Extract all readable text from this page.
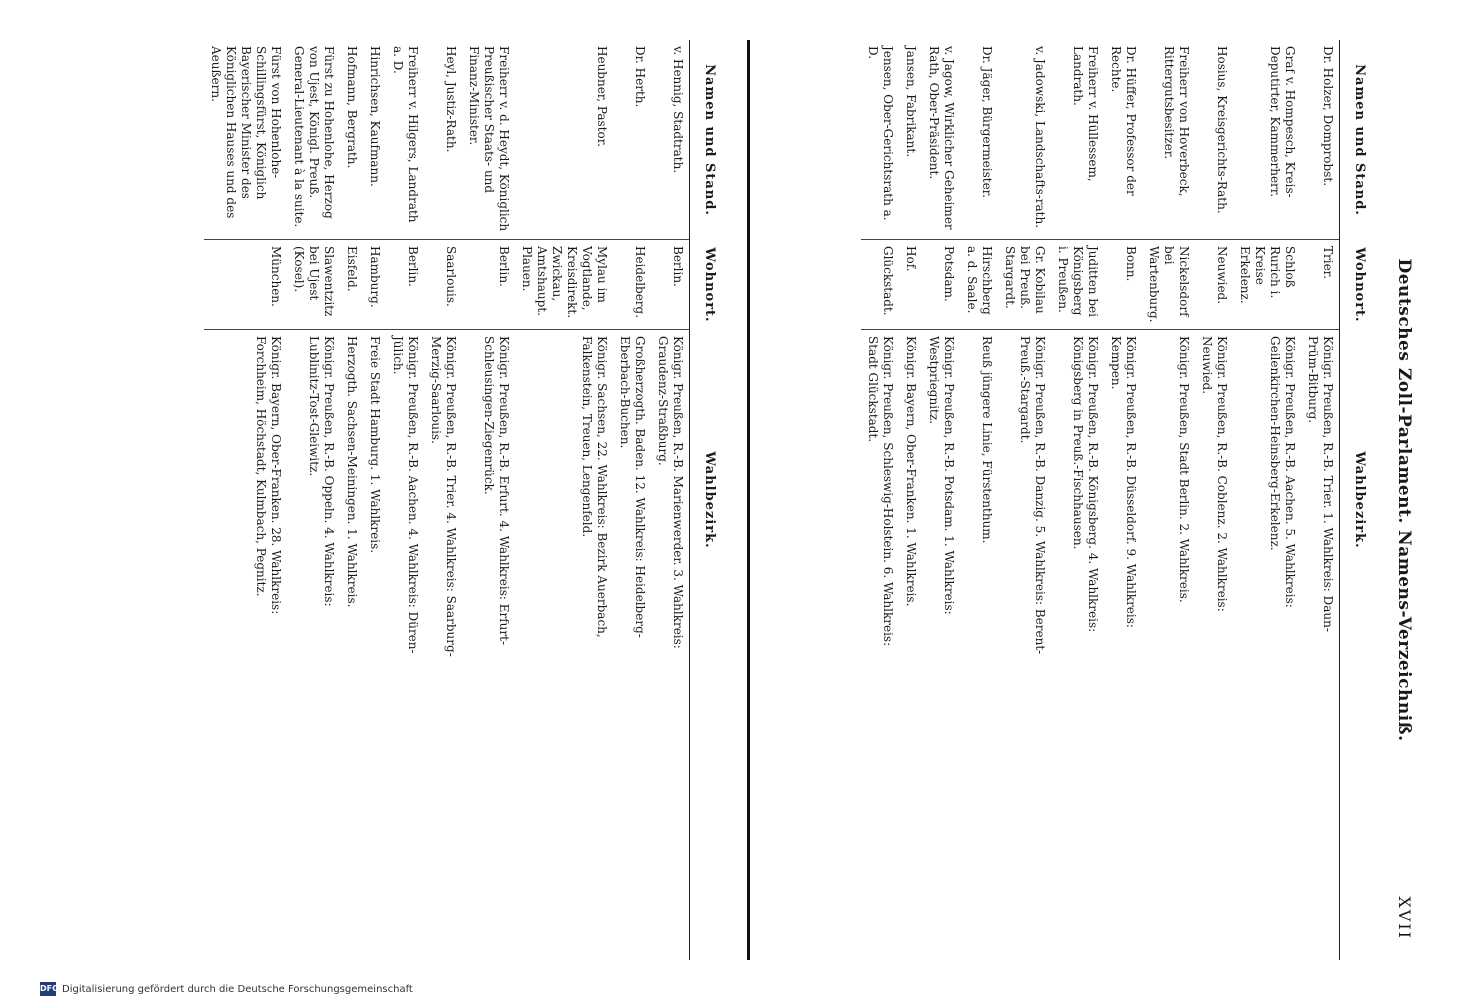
Deutsches Zoll-Parlament. Namens-Verzeichniß.
XVII
Namen und Stand.
Wohnort.
Wahlbezirk.
Dr. Holzer, Domprobst.
Trier.
Königr. Preußen, R.-B. Trier. 1. Wahlkreis: Daun-Prüm-Bitburg.
Graf v. Hompesch, Kreis-Deputirter, Kammerherr.
Schloß Rurich i. Kreise Erkelenz.
Königr. Preußen, R.-B. Aachen. 5. Wahlkreis: Geilenkirchen-Heinsberg-Erkelenz.
Hosius, Kreisgerichts-Rath.
Neuwied.
Königr. Preußen, R.-B. Coblenz. 2. Wahlkreis: Neuwied.
Freiherr von Hoverbeck, Rittergutsbesitzer.
Nickelsdorf bei Wartenburg.
Königr. Preußen, Stadt Berlin. 2. Wahlkreis.
Dr. Hüffer, Professor der Rechte.
Bonn.
Königr. Preußen, R.-B. Düsseldorf. 9. Wahlkreis: Kempen.
Freiherr v. Hüllessem, Landrath.
Juditten bei Königsberg i. Preußen.
Königr. Preußen, R.-B. Königsberg. 4. Wahlkreis: Königsberg in Preuß.-Fischhausen.
v. Jadowski, Landschafts-rath.
Gr. Kobilau bei Preuß. Stargardt.
Königr. Preußen, R.-B. Danzig. 5. Wahlkreis: Berent-Preuß.-Stargardt.
Dr. Jäger, Bürgermeister.
Hirschberg a. d. Saale.
Reuß jüngere Linie, Fürstenthum.
v. Jagow, Wirklicher Geheimer Rath, Ober-Präsident.
Potsdam.
Königr. Preußen, R.-B. Potsdam. 1. Wahlkreis: Westpriegnitz.
Jansen, Fabrikant.
Hof.
Königr. Bayern, Ober-Franken. 1. Wahlkreis.
Jensen, Ober-Gerichtsrath a. D.
Glückstadt.
Königr. Preußen, Schleswig-Holstein. 6. Wahlkreis: Stadt Glückstadt.
Namen und Stand.
Wohnort.
Wahlbezirk.
v. Hennig, Stadtrath.
Berlin.
Königr. Preußen, R.-B. Marienwerder. 3. Wahlkreis: Graudenz-Straßburg.
Dr. Herth.
Heidelberg.
Großherzogth. Baden. 12. Wahlkreis: Heidelberg-Eberbach-Buchen.
Heubner, Pastor.
Mylau im Vogtlande, Kreisdirekt. Zwickau, Amtshaupt. Plauen.
Königr. Sachsen, 22. Wahlkreis: Bezirk Auerbach, Falkenstein, Treuen, Lengenfeld.
Freiherr v. d. Heydt, Königlich Preußischer Staats- und Finanz-Minister.
Berlin.
Königr. Preußen, R.-B. Erfurt. 4. Wahlkreis: Erfurt-Schleusingen-Ziegenrück.
Heyl, Justiz-Rath.
Saarlouis.
Königr. Preußen, R.-B. Trier. 4. Wahlkreis: Saarburg-Merzig-Saarlouis.
Freiherr v. Hilgers, Landrath a. D.
Berlin.
Königr. Preußen, R.-B. Aachen. 4. Wahlkreis: Düren-Jülich.
Hinrichsen, Kaufmann.
Hamburg.
Freie Stadt Hamburg. 1. Wahlkreis.
Hofmann, Bergrath.
Eisfeld.
Herzogth. Sachsen-Meiningen. 1. Wahlkreis.
Fürst zu Hohenlohe, Herzog von Ujest, Königl. Preuß. General-Lieutenant à la suite.
Slawentzitz bei Ujest (Kosel).
Königr. Preußen, R.-B. Oppeln. 4. Wahlkreis: Lublinitz-Tost-Gleiwitz.
Fürst von Hohenlohe-Schillingsfürst, Königlich Bayerischer Minister des Königlichen Hauses und des Aeußern.
München.
Königr. Bayern, Ober-Franken. 28. Wahlkreis: Forchheim, Höchstadt, Kulmbach, Pegnitz.
DFG Digitalisierung gefördert durch die Deutsche Forschungsgemeinschaft
